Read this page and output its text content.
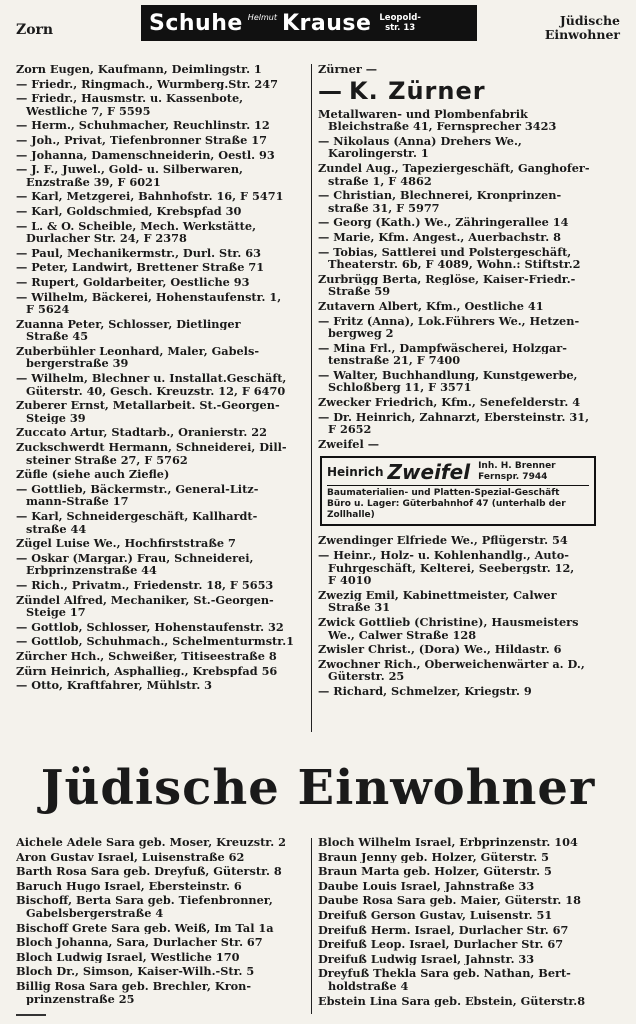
Zorn	Schuhe Helmut Krause Leopold-
str. 13	Jüdische
Einwohner
Zorn Eugen, Kaufmann, Deimlingstr. 1
— Friedr., Ringmach., Wurmberg.Str. 247
— Friedr., Hausmstr. u. Kassenbote,
Westliche 7, F 5595
— Herm., Schuhmacher, Reuchlinstr. 12
— Joh., Privat, Tiefenbronner Straße 17
— Johanna, Damenschneiderin, Oestl. 93
— J. F., Juwel., Gold- u. Silberwaren,
Enzstraße 39, F 6021
— Karl, Metzgerei, Bahnhofstr. 16, F 5471
— Karl, Goldschmied, Krebspfad 30
— L. & O. Scheible, Mech. Werkstätte,
Durlacher Str. 24, F 2378
— Paul, Mechanikermstr., Durl. Str. 63
— Peter, Landwirt, Brettener Straße 71
— Rupert, Goldarbeiter, Oestliche 93
— Wilhelm, Bäckerei, Hohenstaufenstr. 1,
F 5624
Zuanna Peter, Schlosser, Dietlinger
Straße 45
Zuberbühler Leonhard, Maler, Gabels-
bergerstraße 39
— Wilhelm, Blechner u. Installat.Geschäft,
Güterstr. 40, Gesch. Kreuzstr. 12, F 6470
Zuberer Ernst, Metallarbeit. St.-Georgen-
Steige 39
Zuccato Artur, Stadtarb., Oranierstr. 22
Zuckschwerdt Hermann, Schneiderei, Dill-
steiner Straße 27, F 5762
Züfle (siehe auch Ziefle)
— Gottlieb, Bäckermstr., General-Litz-
mann-Straße 17
— Karl, Schneidergeschäft, Kallhardt-
straße 44
Zügel Luise We., Hochfirststraße 7
— Oskar (Margar.) Frau, Schneiderei,
Erbprinzenstraße 44
— Rich., Privatm., Friedenstr. 18, F 5653
Zündel Alfred, Mechaniker, St.-Georgen-
Steige 17
— Gottlob, Schlosser, Hohenstaufenstr. 32
— Gottlob, Schuhmach., Schelmenturmstr.1
Zürcher Hch., Schweißer, Titiseestraße 8
Zürn Heinrich, Asphallieg., Krebspfad 56
— Otto, Kraftfahrer, Mühlstr. 3
Zürner —
— K. Zürner
Metallwaren- und Plombenfabrik
Bleichstraße 41, Fernsprecher 3423
— Nikolaus (Anna) Drehers We.,
Karolingerstr. 1
Zundel Aug., Tapeziergeschäft, Ganghofer-
straße 1, F 4862
— Christian, Blechnerei, Kronprinzen-
straße 31, F 5977
— Georg (Kath.) We., Zähringerallee 14
— Marie, Kfm. Angest., Auerbachstr. 8
— Tobias, Sattlerei und Polstergeschäft,
Theaterstr. 6b, F 4089, Wohn.: Stiftstr.2
Zurbrügg Berta, Reglöse, Kaiser-Friedr.-
Straße 59
Zutavern Albert, Kfm., Oestliche 41
— Fritz (Anna), Lok.Führers We., Hetzen-
bergweg 2
— Mina Frl., Dampfwäscherei, Holzgar-
tenstraße 21, F 7400
— Walter, Buchhandlung, Kunstgewerbe,
Schloßberg 11, F 3571
Zwecker Friedrich, Kfm., Senefelderstr. 4
— Dr. Heinrich, Zahnarzt, Ebersteinstr. 31,
F 2652
Zweifel —
Heinrich Zweifel Inh. H. Brenner
Fernspr. 7944
Baumaterialien- und Platten-Spezial-Geschäft
Büro u. Lager: Güterbahnhof 47 (unterhalb der Zollhalle)
Zwendinger Elfriede We., Pflügerstr. 54
— Heinr., Holz- u. Kohlenhandlg., Auto-
Fuhrgeschäft, Kelterei, Seebergstr. 12,
F 4010
Zwezig Emil, Kabinettmeister, Calwer
Straße 31
Zwick Gottlieb (Christine), Hausmeisters
We., Calwer Straße 128
Zwisler Christ., (Dora) We., Hildastr. 6
Zwochner Rich., Oberweichenwärter a. D.,
Güterstr. 25
— Richard, Schmelzer, Kriegstr. 9
Jüdische Einwohner
Aichele Adele Sara geb. Moser, Kreuzstr. 2
Aron Gustav Israel, Luisenstraße 62
Barth Rosa Sara geb. Dreyfuß, Güterstr. 8
Baruch Hugo Israel, Ebersteinstr. 6
Bischoff, Berta Sara geb. Tiefenbronner,
Gabelsbergerstraße 4
Bischoff Grete Sara geb. Weiß, Im Tal 1a
Bloch Johanna, Sara, Durlacher Str. 67
Bloch Ludwig Israel, Westliche 170
Bloch Dr., Simson, Kaiser-Wilh.-Str. 5
Billig Rosa Sara geb. Brechler, Kron-
prinzenstraße 25
Bloch Wilhelm Israel, Erbprinzenstr. 104
Braun Jenny geb. Holzer, Güterstr. 5
Braun Marta geb. Holzer, Güterstr. 5
Daube Louis Israel, Jahnstraße 33
Daube Rosa Sara geb. Maier, Güterstr. 18
Dreifuß Gerson Gustav, Luisenstr. 51
Dreifuß Herm. Israel, Durlacher Str. 67
Dreifuß Leop. Israel, Durlacher Str. 67
Dreifuß Ludwig Israel, Jahnstr. 33
Dreyfuß Thekla Sara geb. Nathan, Bert-
holdstraße 4
Ebstein Lina Sara geb. Ebstein, Güterstr.8
